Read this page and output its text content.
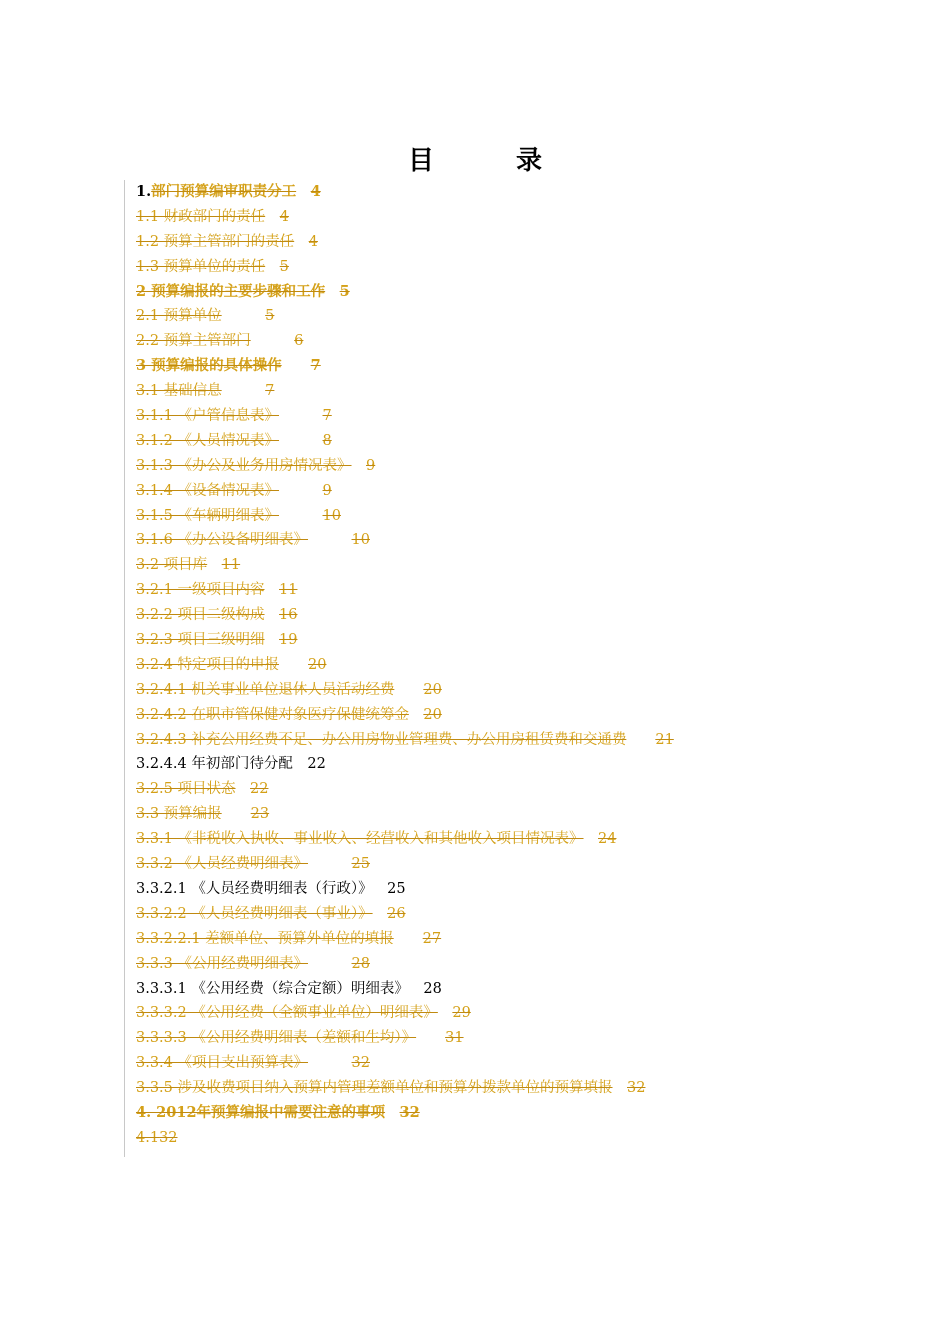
目　录
1.部门预算编审职责分工　 4
1.1 财政部门的责任　 4
1.2 预算主管部门的责任　 4
1.3 预算单位的责任　 5
2 预算编报的主要步骤和工作　 5
2.1 预算单位　　　	5
2.2 预算主管部门　　　	6
3 预算编报的具体操作　　 7
3.1 基础信息　　　	7
3.1.1 《户管信息表》　　　	7
3.1.2 《人员情况表》　　　	8
3.1.3 《办公及业务用房情况表》　 9
3.1.4 《设备情况表》　　　	9
3.1.5 《车辆明细表》　　　	10
3.1.6 《办公设备明细表》　　　	10
3.2 项目库　 11
3.2.1 一级项目内容　 11
3.2.2 项目二级构成　 16
3.2.3 项目三级明细　 19
3.2.4 特定项目的申报　　 20
3.2.4.1 机关事业单位退休人员活动经费　　 20
3.2.4.2 在职市管保健对象医疗保健统筹金　 20
3.2.4.3 补充公用经费不足、办公用房物业管理费、办公用房租赁费和交通费　　 21
3.2.4.4 年初部门待分配　 22
3.2.5 项目状态　 22
3.3 预算编报　　 23
3.3.1 《非税收入执收、事业收入、经营收入和其他收入项目情况表》　 24
3.3.2 《人员经费明细表》　　　	25
3.3.2.1 《人员经费明细表（行政）》　 25
3.3.2.2 《人员经费明细表（事业）》　 26
3.3.2.2.1 差额单位、预算外单位的填报　　 27
3.3.3 《公用经费明细表》　　　	28
3.3.3.1 《公用经费（综合定额）明细表》　 28
3.3.3.2 《公用经费（全额事业单位）明细表》　 29
3.3.3.3 《公用经费明细表（差额和生均）》　　 31
3.3.4 《项目支出预算表》　　　	32
3.3.5 涉及收费项目纳入预算内管理差额单位和预算外拨款单位的预算填报　 32
4. 2012年预算编报中需要注意的事项　 32
4.132
